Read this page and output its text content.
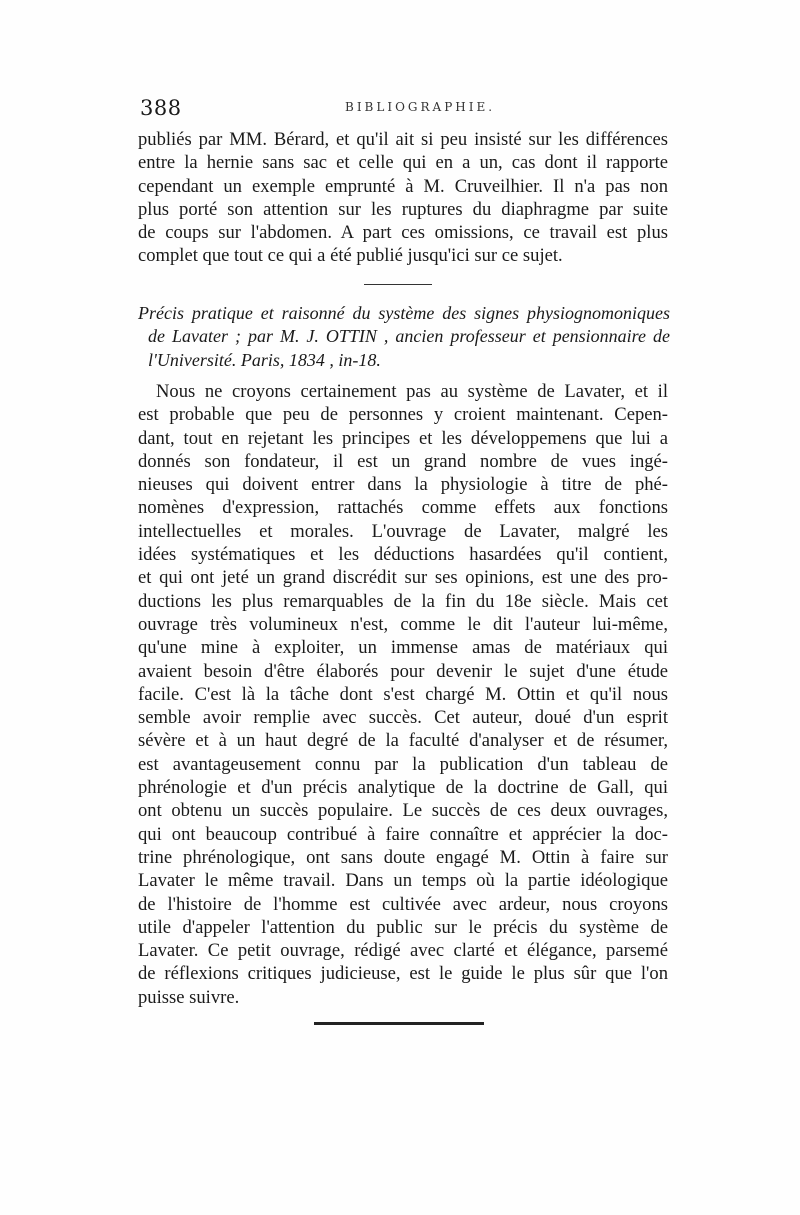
388	BIBLIOGRAPHIE.
publiés par MM. Bérard, et qu'il ait si peu insisté sur les différences
entre la hernie sans sac et celle qui en a un, cas dont il rapporte
cependant un exemple emprunté à M. Cruveilhier. Il n'a pas non
plus porté son attention sur les ruptures du diaphragme par suite
de coups sur l'abdomen. A part ces omissions, ce travail est plus
complet que tout ce qui a été publié jusqu'ici sur ce sujet.
Précis pratique et raisonné du système des signes physiognomoniques
de Lavater ; par M. J. OTTIN , ancien professeur et pensionnaire de
l'Université. Paris, 1834 , in-18.
Nous ne croyons certainement pas au système de Lavater, et il
est probable que peu de personnes y croient maintenant. Cepen-
dant, tout en rejetant les principes et les développemens que lui a
donnés son fondateur, il est un grand nombre de vues ingé-
nieuses qui doivent entrer dans la physiologie à titre de phé-
nomènes d'expression, rattachés comme effets aux fonctions
intellectuelles et morales. L'ouvrage de Lavater, malgré les
idées systématiques et les déductions hasardées qu'il contient,
et qui ont jeté un grand discrédit sur ses opinions, est une des pro-
ductions les plus remarquables de la fin du 18e siècle. Mais cet
ouvrage très volumineux n'est, comme le dit l'auteur lui-même,
qu'une mine à exploiter, un immense amas de matériaux qui
avaient besoin d'être élaborés pour devenir le sujet d'une étude
facile. C'est là la tâche dont s'est chargé M. Ottin et qu'il nous
semble avoir remplie avec succès. Cet auteur, doué d'un esprit
sévère et à un haut degré de la faculté d'analyser et de résumer,
est avantageusement connu par la publication d'un tableau de
phrénologie et d'un précis analytique de la doctrine de Gall, qui
ont obtenu un succès populaire. Le succès de ces deux ouvrages,
qui ont beaucoup contribué à faire connaître et apprécier la doc-
trine phrénologique, ont sans doute engagé M. Ottin à faire sur
Lavater le même travail. Dans un temps où la partie idéologique
de l'histoire de l'homme est cultivée avec ardeur, nous croyons
utile d'appeler l'attention du public sur le précis du système de
Lavater. Ce petit ouvrage, rédigé avec clarté et élégance, parsemé
de réflexions critiques judicieuse, est le guide le plus sûr que l'on
puisse suivre.
